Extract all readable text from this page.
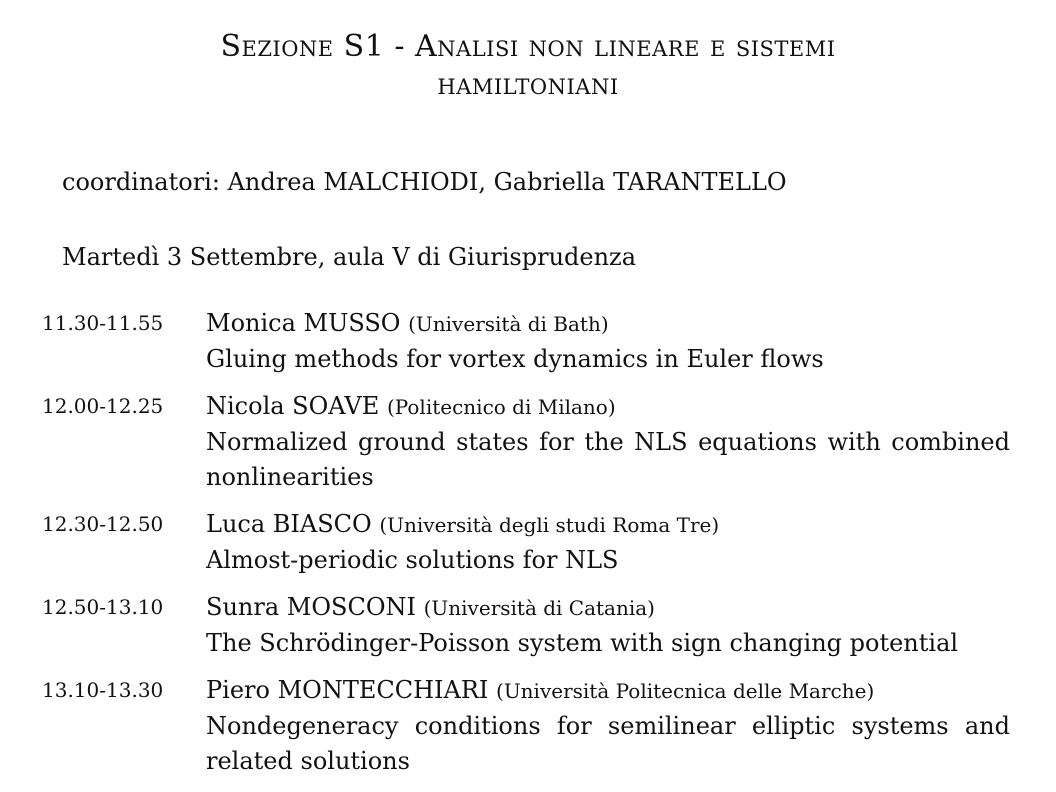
Sezione S1 - Analisi non lineare e sistemi
hamiltoniani
coordinatori: Andrea MALCHIODI, Gabriella TARANTELLO
Martedì 3 Settembre, aula V di Giurisprudenza
11.30-11.55 Monica MUSSO (Università di Bath)
Gluing methods for vortex dynamics in Euler flows
12.00-12.25 Nicola SOAVE (Politecnico di Milano)
Normalized ground states for the NLS equations with combined nonlinearities
12.30-12.50 Luca BIASCO (Università degli studi Roma Tre)
Almost-periodic solutions for NLS
12.50-13.10 Sunra MOSCONI (Università di Catania)
The Schrödinger-Poisson system with sign changing potential
13.10-13.30 Piero MONTECCHIARI (Università Politecnica delle Marche)
Nondegeneracy conditions for semilinear elliptic systems and related solutions
